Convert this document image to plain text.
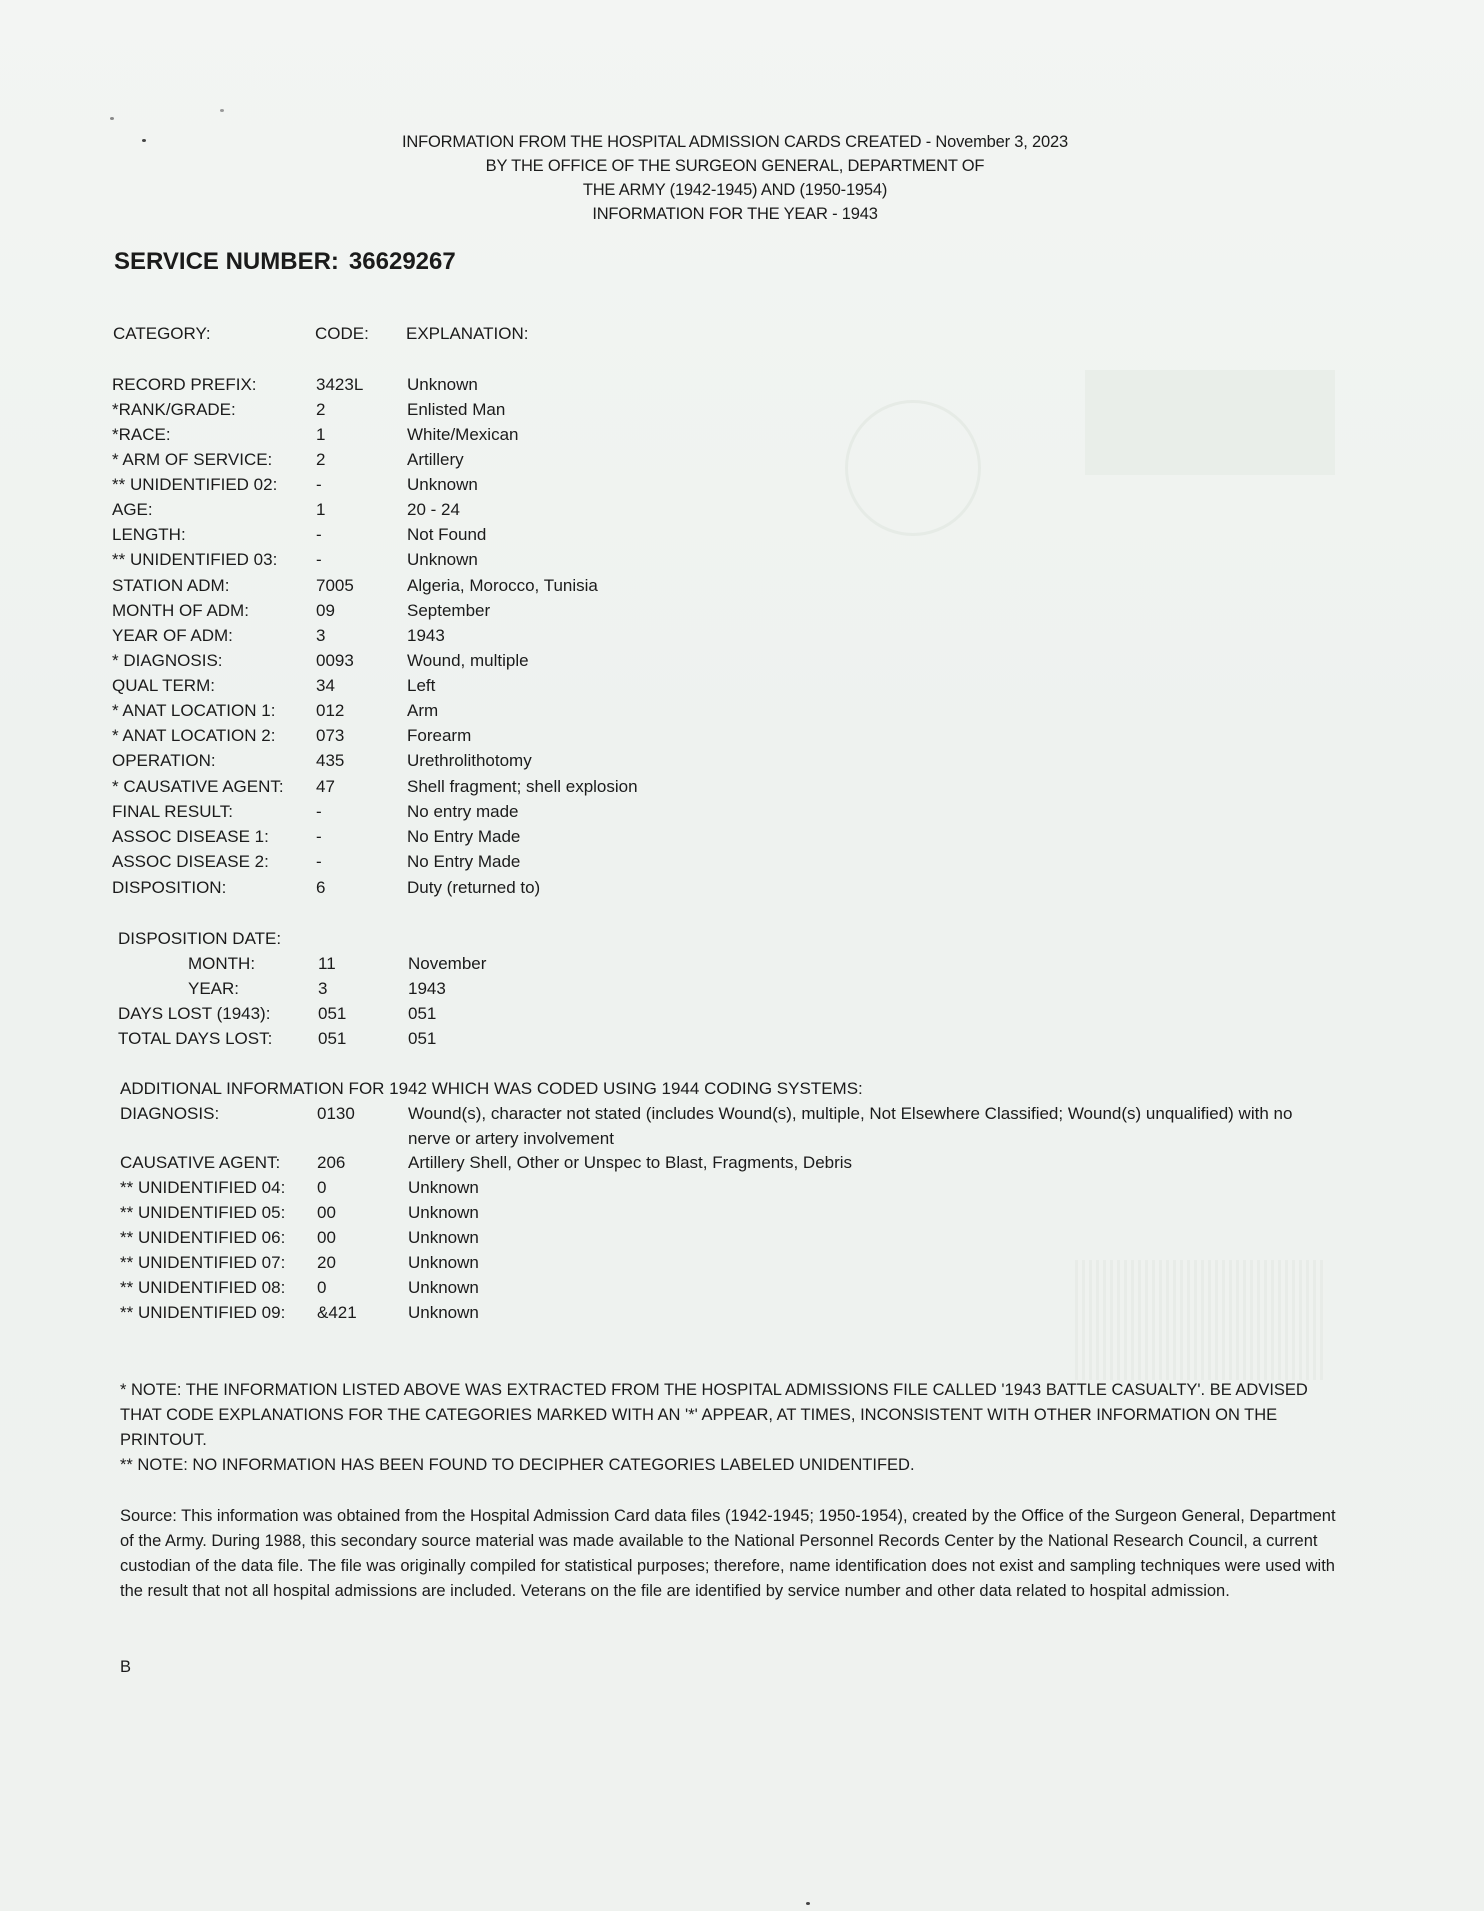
INFORMATION FROM THE HOSPITAL ADMISSION CARDS CREATED - November 3, 2023
BY THE OFFICE OF THE SURGEON GENERAL, DEPARTMENT OF
THE ARMY (1942-1945) AND (1950-1954)
INFORMATION FOR THE YEAR - 1943
SERVICE NUMBER: 36629267
CATEGORY:	CODE:	EXPLANATION:
RECORD PREFIX:	3423L	Unknown
*RANK/GRADE:	2	Enlisted Man
*RACE:	1	White/Mexican
* ARM OF SERVICE:	2	Artillery
** UNIDENTIFIED 02:	-	Unknown
AGE:	1	20 - 24
LENGTH:	-	Not Found
** UNIDENTIFIED 03:	-	Unknown
STATION ADM:	7005	Algeria, Morocco, Tunisia
MONTH OF ADM:	09	September
YEAR OF ADM:	3	1943
* DIAGNOSIS:	0093	Wound, multiple
QUAL TERM:	34	Left
* ANAT LOCATION 1:	012	Arm
* ANAT LOCATION 2:	073	Forearm
OPERATION:	435	Urethrolithotomy
* CAUSATIVE AGENT:	47	Shell fragment; shell explosion
FINAL RESULT:	-	No entry made
ASSOC DISEASE 1:	-	No Entry Made
ASSOC DISEASE 2:	-	No Entry Made
DISPOSITION:	6	Duty (returned to)
DISPOSITION DATE:
MONTH:	11	November
YEAR:	3	1943
DAYS LOST (1943):	051	051
TOTAL DAYS LOST:	051	051
ADDITIONAL INFORMATION FOR 1942 WHICH WAS CODED USING 1944 CODING SYSTEMS:
DIAGNOSIS:	0130	Wound(s), character not stated (includes Wound(s), multiple, Not Elsewhere Classified; Wound(s) unqualified) with no nerve or artery involvement
CAUSATIVE AGENT:	206	Artillery Shell, Other or Unspec to Blast, Fragments, Debris
** UNIDENTIFIED 04:	0	Unknown
** UNIDENTIFIED 05:	00	Unknown
** UNIDENTIFIED 06:	00	Unknown
** UNIDENTIFIED 07:	20	Unknown
** UNIDENTIFIED 08:	0	Unknown
** UNIDENTIFIED 09:	&421	Unknown
* NOTE: THE INFORMATION LISTED ABOVE WAS EXTRACTED FROM THE HOSPITAL ADMISSIONS FILE CALLED '1943 BATTLE CASUALTY'. BE ADVISED THAT CODE EXPLANATIONS FOR THE CATEGORIES MARKED WITH AN '*' APPEAR, AT TIMES, INCONSISTENT WITH OTHER INFORMATION ON THE PRINTOUT.
** NOTE: NO INFORMATION HAS BEEN FOUND TO DECIPHER CATEGORIES LABELED UNIDENTIFED.
Source: This information was obtained from the Hospital Admission Card data files (1942-1945; 1950-1954), created by the Office of the Surgeon General, Department of the Army. During 1988, this secondary source material was made available to the National Personnel Records Center by the National Research Council, a current custodian of the data file. The file was originally compiled for statistical purposes; therefore, name identification does not exist and sampling techniques were used with the result that not all hospital admissions are included. Veterans on the file are identified by service number and other data related to hospital admission.
B
